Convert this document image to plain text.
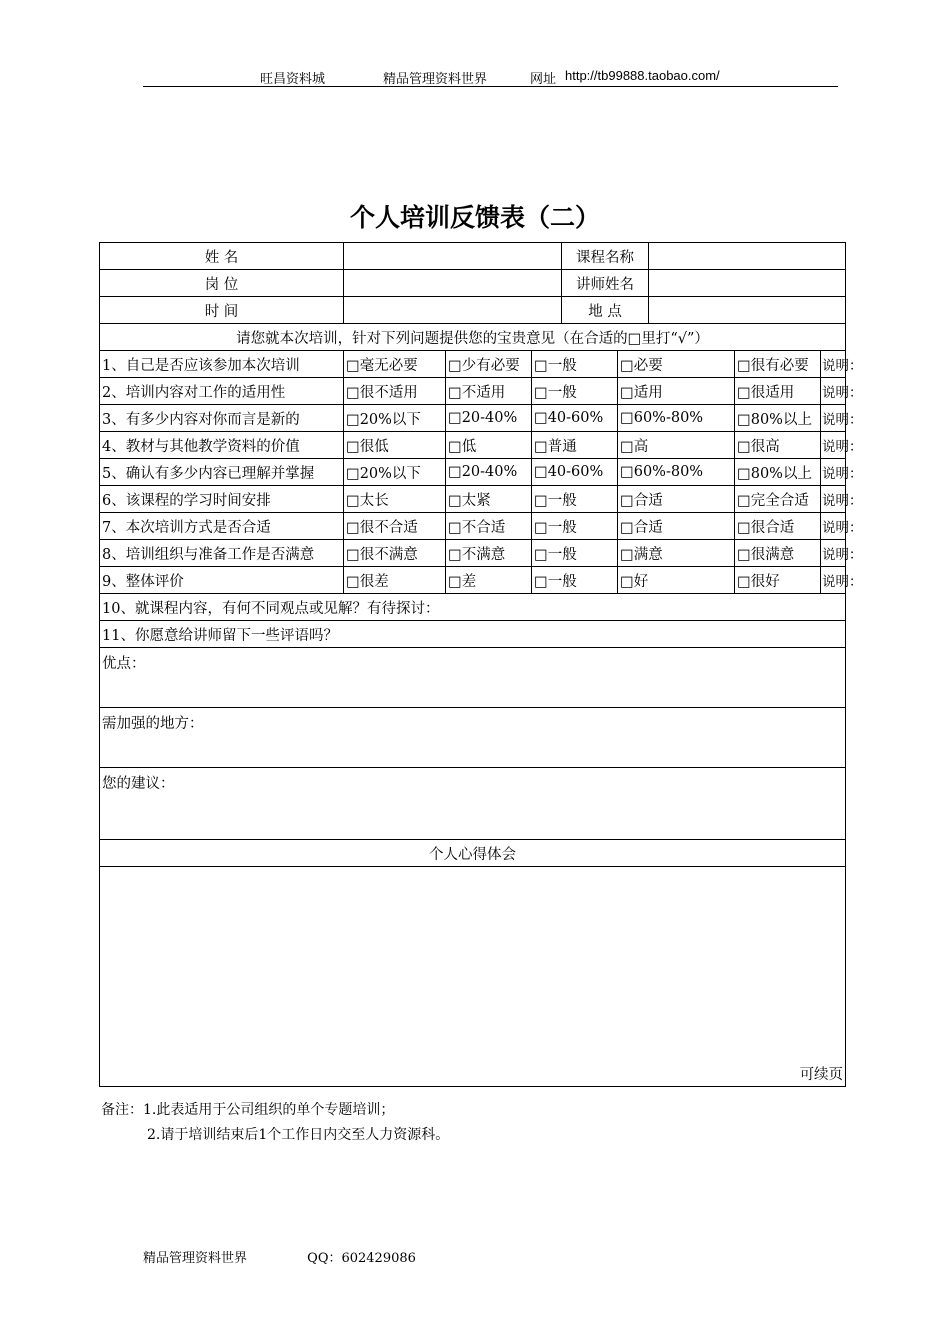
旺昌资料城	精品管理资料世界	网址 http://tb99888.taobao.com/
个人培训反馈表（二）
姓 名				课程名称				
岗 位				讲师姓名				
时 间				地 点				
请您就本次培训，针对下列问题提供您的宝贵意见（在合适的□里打“√”）								
1、自己是否应该参加本次培训	□毫无必要	□少有必要	□一般		□必要		□很有必要	说明：
2、培训内容对工作的适用性	□很不适用	□不适用	□一般		□适用		□很适用	说明：
3、有多少内容对你而言是新的	□20%以下	□20-40%	□40-60%		□60%-80%		□80%以上	说明：
4、教材与其他教学资料的价值	□很低	□低	□普通		□高		□很高	说明：
5、确认有多少内容已理解并掌握	□20%以下	□20-40%	□40-60%		□60%-80%		□80%以上	说明：
6、该课程的学习时间安排	□太长	□太紧	□一般		□合适		□完全合适	说明：
7、本次培训方式是否合适	□很不合适	□不合适	□一般		□合适		□很合适	说明：
8、培训组织与准备工作是否满意	□很不满意	□不满意	□一般		□满意		□很满意	说明：
9、整体评价	□很差	□差	□一般		□好		□很好	说明：
10、就课程内容，有何不同观点或见解？有待探讨：								
11、你愿意给讲师留下一些评语吗？								
优点：								
需加强的地方：								
您的建议：								
个人心得体会								

可续页								
备注：1.此表适用于公司组织的单个专题培训；
2.请于培训结束后1个工作日内交至人力资源科。
精品管理资料世界	QQ：602429086
